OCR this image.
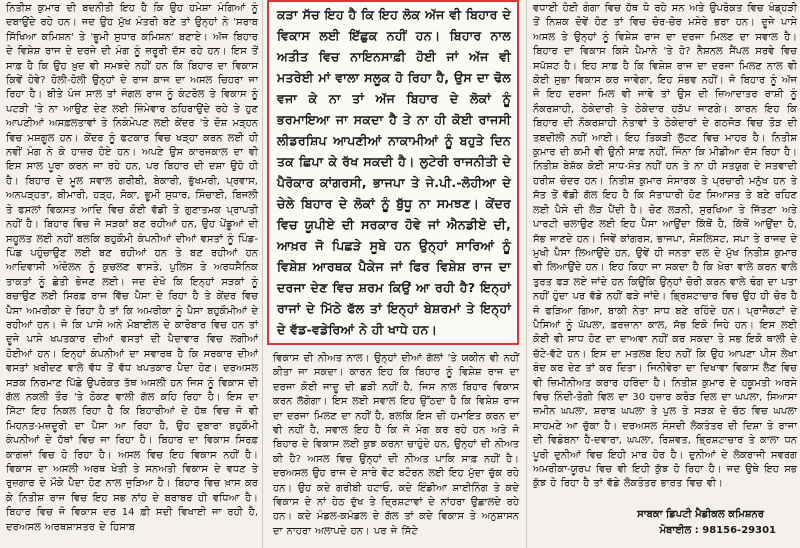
ਨਿਤੀਸ਼ ਕੁਮਾਰ ਦੀ ਬਦਨੀਤੀ ਇਹ ਹੈ ਕਿ ਉਹ ਹਮੇਸ਼ਾ ਮੰਗਿਆਂ ਨੂੰ ਦਬਾਉਂਦੇ ਰਹੇ ਹਨ। ਜਦ ਉਹ ਮੁੱਖ ਮੰਤਰੀ ਬਣੇ ਤਾਂ ਉਨ੍ਹਾਂ ਨੇ 'ਸਰਾਬ ਸਿੱਖਿਆ ਕਮਿਸ਼ਨ' ਤੇ 'ਭੂਮੀ ਸੁਧਾਰ ਕਮਿਸ਼ਨ' ਬਣਾਏ। ਅੱਜ ਬਿਹਾਰ ਦੇ ਵਿਸ਼ੇਸ਼ ਰਾਜ ਦੇ ਦਰਜੇ ਦੀ ਮੰਗ ਨੂੰ ਜ਼ਰੂਰੀ ਦੱਸ ਰਹੇ ਹਨ। ਇਸ ਤੋਂ ਸਾਫ਼ ਹੈ ਕਿ ਉਹ ਖ਼ੁਦ ਵੀ ਸਮਝਦੇ ਨਹੀਂ ਹਨ ਕਿ ਬਿਹਾਰ ਦਾ ਵਿਕਾਸ ਕਿਵੇਂ ਹੋਵੇ? ਹੋਲੀ-ਹੋਲੀ ਉਨ੍ਹਾਂ ਦੇ ਰਾਜ ਕਾਜ ਦਾ ਅਸਲ ਚਿਹਰਾ ਜਾ ਰਿਹਾ ਹੈ। ਬੀਤੇ ਪੰਜ ਸਾਲ ਤਾਂ ਜੰਗਲ ਰਾਜ ਨੂੰ ਕੰਟਰੋਲ ਤੇ ਵਿਕਾਸ ਨੂੰ ਪਟੜੀ 'ਤੇ ਨਾ ਆਉਣ ਦੇਣ ਲਈ ਜ਼ਿੰਮੇਵਾਰ ਠਹਿਰਾਉਂਦੇ ਰਹੇ ਤੇ ਹੁਣ ਆਪਣੀਆਂ ਅਸਫ਼ਲਤਾਵਾਂ ਤੇ ਨਿਕੰਮੇਪਣ ਲਈ ਕੇਂਦਰ 'ਤੇ ਦੋਸ਼ ਮੜ੍ਹਨ ਵਿਚ ਮਸ਼ਗੂਲ ਹਨ। ਕੇਂਦਰ ਨੂੰ ਫਟਕਾਰ ਵਿਚ ਖੜ੍ਹਾ ਕਰਨ ਲਈ ਹੀ ਨਵੀਂ ਮੰਗ ਨੇ ਕੇ ਹਾਜ਼ਰ ਹੋਏ ਹਨ। ਅਪਣੇ ਉਸ ਕਾਰਜਕਾਲ ਦਾ ਵੀ ਇਸ ਸਾਲ ਪੂਰਾ ਕਰਨ ਜਾ ਰਹੇ ਹਨ, ਪਰ ਬਿਹਾਰ ਦੀ ਦਸ਼ਾ ਉਹੋ ਹੀ ਹੈ। ਬਿਹਾਰ ਦੇ ਮੂਲ ਸਵਾਲ ਗਰੀਬੀ, ਬੇਕਾਰੀ, ਭੁੱਖਮਰੀ, ਪ੍ਰਵਾਸ, ਅਨਪੜ੍ਹਤਾ, ਬੀਮਾਰੀ, ਹੜ੍ਹ, ਸੋਕਾ, ਭੂਮੀ ਸੁਧਾਰ, ਸਿੰਚਾਈ, ਬਿਜਲੀ ਤੇ ਫਸਲਾਂ ਵਿਕਸਤ ਆਦਿ ਵਿਚ ਕੋਈ ਵੱਡੀ ਤੇ ਗੁਣਾਤਮਕ ਪ੍ਰਾਪਤੀ ਨਹੀਂ ਹੈ। ਬਿਹਾਰ ਵਿਚ ਜੋ ਸੜਕਾਂ ਬਣ ਰਹੀਆਂ ਹਨ, ਉਹ ਪੇਂਡੂਆਂ ਦੀ ਸਹੂਲਤ ਲਈ ਨਹੀਂ ਬਲਕਿ ਬਹੁਕੌਮੀ ਕੰਪਨੀਆਂ ਦੀਆਂ ਵਸਤਾਂ ਨੂੰ ਪਿੰਡ-ਪਿੰਡ ਪਹੁੰਚਾਉਣ ਲਈ ਬਣ ਰਹੀਆਂ ਹਨ ਤੇ ਬਣ ਰਹੀਆਂ ਹਨ ਆਦਿਵਾਸੀ ਅੰਦੋਲਨ ਨੂੰ ਕੁਚਲਣ ਵਾਸਤੇ, ਪੁਲਿਸ ਤੇ ਅਰਧਸੈਨਿਕ ਤਾਕਤਾਂ ਨੂੰ ਛੇਤੀ ਭੇਜਣ ਲਈ। ਜਦ ਦੇਖੋ ਕਿ ਇਨ੍ਹਾਂ ਸੜਕਾਂ ਨੂੰ ਬਚਾਉਣ ਲਈ ਸਿਰਫ਼ ਰਾਜ ਵਿੱਚ ਪੈਸਾ ਦੇ ਰਿਹਾ ਹੈ ਤੇ ਕੇਂਦਰ ਵਿਚ ਪੈਸਾ ਅਮਰੀਕਾ ਦੇ ਰਿਹਾ ਹੈ ਤਾਂ ਕਿ ਅਮਰੀਕਾ ਨੂੰ ਪੈਸਾ ਬਹੁਕੌਮੀਆਂ ਦੇ ਰਹੀਆਂ ਹਨ। ਜੋ ਕਿ ਪਾਸੇ ਅਨੇ ਮੋਬਾਈਲ ਦੇ ਕਾਰੋਬਾਰ ਵਿਚ ਹਨ ਤਾਂ ਦੂਜੇ ਪਾਸੇ ਖਪਤਕਾਰ ਦੀਆਂ ਵਸਤਾਂ ਦੀ ਪੈਦਾਵਾਰ ਵਿਚ ਲਗੀਆਂ ਹੋਈਆਂ ਹਨ। ਇਨ੍ਹਾਂ ਕੰਪਨੀਆਂ ਦਾ ਸਵਾਰਥ ਹੈ ਕਿ ਸਰਕਾਰ ਦੀਆਂ ਵਸਤਾਂ ਖ਼ਰੀਦਣ ਵਾਲੇ ਵੱਧ ਤੋਂ ਵੱਧ ਖਪਤਕਾਰ ਪੈਦਾ ਹੋਣ। ਦਰਅਸਲ ਸੜਕ ਨਿਰਮਾਣ ਪਿੱਛੇ ਉਪਰੋਕਤ ਤੱਥ ਅਸਲੀ ਹਨ ਜਿਸ ਨੂੰ ਵਿਕਾਸ ਦੀ ਗੱਲ ਨਕਲੀ ਤੌਰ 'ਤੇ ਠੋਕਣ ਵਾਲੀ ਗੱਲ ਕਹਿ ਰਿਹਾ ਹੈ। ਇਸ ਦਾ ਸਿੱਟਾ ਇਹ ਨਿਕਲ ਰਿਹਾ ਹੈ ਕਿ ਬਿਹਾਰੀਆਂ ਦੇ ਹੱਥ ਵਿਚ ਜੋ ਵੀ ਮਿਹਨਤ-ਮਜ਼ਦੂਰੀ ਦਾ ਪੈਸਾ ਆ ਰਿਹਾ ਹੈ, ਉਹ ਦੁਬਾਰਾ ਬਹੁਕੌਮੀ ਕੰਪਨੀਆਂ ਦੇ ਹੱਥਾਂ ਵਿਚ ਜਾ ਰਿਹਾ ਹੈ। ਬਿਹਾਰ ਦਾ ਵਿਕਾਸ ਸਿਰਫ਼ ਕਾਗਜ਼ਾਂ ਵਿਚ ਹੋ ਰਿਹਾ ਹੈ। ਅਸਲ ਵਿਚ ਇਹ ਵਿਕਾਸ ਨਹੀਂ ਹੈ। ਵਿਕਾਸ ਦਾ ਅਸਲੀ ਅਰਥ ਖੇਤੀ ਤੇ ਸਨਅਤੀ ਵਿਕਾਸ ਦੇ ਵਧਣ ਤੇ ਰੁਜ਼ਗਾਰ ਦੇ ਮੌਕੇ ਪੈਦਾ ਹੋਣ ਨਾਲ ਜੁੜਿਆ ਹੈ। ਬਿਹਾਰ ਵਿਚ ਖ਼ਾਸ ਕਰ ਕੇ ਨਿਤੀਸ਼ ਰਾਜ ਵਿਚ ਇਹ ਸਭ ਨਾਂਹ ਦੇ ਬਰਾਬਰ ਹੀ ਵਧਿਆ ਹੈ। ਬਿਹਾਰ ਵਿਚ ਜੋ ਵਿਕਾਸ ਦਰ 14 ਫ਼ੀ ਸਦੀ ਵਿਖਾਈ ਜਾ ਰਹੀ ਹੈ, ਦਰਅਸਲ ਅਰਥਸ਼ਾਸਤਰ ਦੇ ਹਿਸਾਬ

ਕੜਾ ਸੱਚ ਇਹ ਹੈ ਕਿ ਇਹ ਲੋਕ ਅੱਜ ਵੀ ਬਿਹਾਰ ਦੇ ਵਿਕਾਸ ਲਈ ਇੱਛੁਕ ਨਹੀਂ ਹਨ। ਬਿਹਾਰ ਨਾਲ ਅਤੀਤ ਵਿਚ ਨਾਇਨਸਾਫ਼ੀ ਹੋਈ ਜਾਂ ਅੱਜ ਵੀ ਮਤਰੇਈ ਮਾਂ ਵਾਲਾ ਸਲੂਕ ਹੋ ਰਿਹਾ ਹੈ, ਉਸ ਦਾ ਢੋਲ ਵਜਾ ਕੇ ਨਾ ਤਾਂ ਅੱਜ ਬਿਹਾਰ ਦੇ ਲੋਕਾਂ ਨੂੰ ਭਰਮਾਇਆ ਜਾ ਸਕਦਾ ਹੈ ਤੇ ਨਾ ਹੀ ਕੋਈ ਰਾਜਸੀ ਲੀਡਰਸ਼ਿਪ ਆਪਣੀਆਂ ਨਾਕਾਮੀਆਂ ਨੂੰ ਬਹੁਤੇ ਦਿਨ ਤਕ ਛਿਪਾ ਕੇ ਰੱਖ ਸਕਦੀ ਹੈ। ਲੁਟੇਰੀ ਰਾਜਨੀਤੀ ਦੇ ਪੈਰੋਕਾਰ ਕਾਂਗਰਸੀ, ਭਾਜਪਾ ਤੇ ਜੇ.ਪੀ.-ਲੋਹੀਆ ਦੇ ਚੇਲੇ ਬਿਹਾਰ ਦੇ ਲੋਕਾਂ ਨੂੰ ਬੁੱਧੂ ਨਾ ਸਮਝਣ। ਕੇਂਦਰ ਵਿਚ ਯੂਪੀਏ ਦੀ ਸਰਕਾਰ ਹੋਵੇ ਜਾਂ ਐਨਡੀਏ ਦੀ, ਆਖ਼ਰ ਜੋ ਪਿਛੜੇ ਸੂਬੇ ਹਨ ਉਨ੍ਹਾਂ ਸਾਰਿਆਂ ਨੂੰ ਵਿਸ਼ੇਸ਼ ਆਰਥਕ ਪੈਕੇਜ ਜਾਂ ਫਿਰ ਵਿਸ਼ੇਸ਼ ਰਾਜ ਦਾ ਦਰਜਾ ਦੇਣ ਵਿਚ ਸ਼ਰਮ ਕਿਉਂ ਆ ਰਹੀ ਹੈ? ਇਨ੍ਹਾਂ ਰਾਜਾਂ ਦੇ ਮਿੱਠੇ ਫੱਲ ਤਾਂ ਇਨ੍ਹਾਂ ਬੇਸ਼ਰਮਾਂ ਤੇ ਇਨ੍ਹਾਂ ਦੇ ਵੱਡ-ਵਡੇਰਿਆਂ ਨੇ ਹੀ ਖਾਧੇ ਹਨ।

ਵਿਕਾਸ ਦੀ ਨੀਅਤ ਨਾਲ। ਉਨ੍ਹਾਂ ਦੀਆਂ ਗੱਲਾਂ 'ਤੇ ਯਕੀਨ ਵੀ ਨਹੀਂ ਕੀਤਾ ਜਾ ਸਕਦਾ। ਕਾਰਨ ਇਹ ਕਿ ਬਿਹਾਰ ਨੂੰ ਵਿਸ਼ੇਸ਼ ਰਾਜ ਦਾ ਦਰਜਾ ਕੋਈ ਜਾਦੂ ਦੀ ਛੜੀ ਨਹੀਂ ਹੈ, ਜਿਸ ਨਾਲ ਬਿਹਾਰ ਵਿਕਾਸ ਕਰਨ ਲੱਗੇਗਾ। ਇਸ ਲਈ ਸਵਾਲ ਇਹ ਉੱਠਦਾ ਹੈ ਕਿ ਵਿਸ਼ੇਸ਼ ਰਾਜ ਦਾ ਦਰਜਾ ਮਿਲਣ ਦਾ ਨਹੀਂ ਹੈ, ਬਲਕਿ ਇਸ ਦੀ ਹਮਾਇਤ ਕਰਨ ਦਾ ਵੀ ਨਹੀਂ ਹੈ, ਸਵਾਲ ਇਹ ਹੈ ਕਿ ਜੋ ਮੰਗ ਕਰ ਰਹੇ ਹਨ ਅਤੇ ਜੋ ਬਿਹਾਰ ਦੇ ਵਿਕਾਸ ਲਈ ਕੁਝ ਕਰਨਾ ਚਾਹੁੰਦੇ ਹਨ, ਉਨ੍ਹਾਂ ਦੀ ਨੀਅਤ ਕੀ ਹੈ? ਅਸਲ ਵਿਚ ਉਨ੍ਹਾਂ ਦੀ ਨੀਅਤ ਪਾਕਿ ਸਾਫ਼ ਨਹੀਂ ਹੈ। ਦਰਅਸਲ ਉਹ ਰਾਜ ਦੇ ਸਾਰੇ ਵੋਟ ਬਟੋਰਨ ਲਈ ਇਹ ਮੁੱਦਾ ਚੁੱਕ ਰਹੇ ਹਨ। ਉਹ ਕਦੇ ਗਰੀਬੀ ਹਟਾਓ, ਕਦੇ ਇੰਡੀਆ ਸ਼ਾਈਨਿੰਗ ਤੇ ਕਦੇ ਵਿਕਾਸ ਦੇ ਨਾਂ ਹੇਠ ਦੁੱਖ ਤੇ ਦ੍ਰਿਸ਼ਟਾਵਾਂ ਦੇ ਨਾਂਹਰਾ ਉਛਾਲਦੇ ਰਹੇ ਹਨ। ਕਦੇ ਮੰਡਲ-ਕਮੰਡਲ ਦੇ ਗੱਲ ਤਾਂ ਕਦੇ ਵਿਕਾਸ ਤੇ ਅਨੁਸ਼ਾਸਨ ਦਾ ਨਾਹਰਾ ਅਲਾਪਦੇ ਹਨ। ਪਰ ਜੇ ਸਿੱਟੇ

ਵਧਾਈ ਹੋਈ ਗੰਗਾ ਵਿਚ ਹੱਥ ਧੋ ਰਹੇ ਸਨ ਅਤੇ ਉਪਰੋਕਤ ਵਿਚ ਖੰਡ੍ਹੜੀ ਤੋਂ ਨਿਸ਼ਕ ਦੋਵੇਂ ਹੋਣ ਤਾਂ ਵਿਚ ਚੋਰ-ਚੋਰ ਮਸੇਰੇ ਭਰਾ ਹਨ। ਦੂਜੇ ਪਾਸੇ ਅਸਲ ਤੇ ਉਨ੍ਹਾਂ ਨੂੰ ਵਿਸ਼ੇਸ਼ ਰਾਜ ਦਾ ਦਰਜਾ ਮਿਲਣ ਦਾ ਸਵਾਲ ਹੈ। ਬਿਹਾਰ ਦਾ ਵਿਕਾਸ ਕਿਸੇ ਪੈਮਾਨੇ 'ਤੇ ਹੋ? ਨੈਸ਼ਨਲ ਸੈਂਪਲ ਸਰਵੇ ਵਿਚ ਸਪੱਸ਼ਟ ਹੈ। ਇਹ ਸਾਫ਼ ਹੈ ਕਿ ਵਿਸ਼ੇਸ਼ ਰਾਜ ਦਾ ਦਰਜਾ ਮਿਲਣ ਨਾਲ ਵੀ ਕੋਈ ਸੁਭਾ ਵਿਕਾਸ ਕਰ ਜਾਵੇਗਾ, ਇਹ ਸੰਭਵ ਨਹੀਂ। ਜੋ ਬਿਹਾਰ ਨੂੰ ਅੱਜ ਜੋ ਇਹ ਦਰਜਾ ਮਿਲ ਵੀ ਜਾਵੇ ਤਾਂ ਉਸ ਦੀ ਜ਼ਿਆਦਾਤਰ ਰਾਸ਼ੀ ਨੂੰ ਨੌਕਰਸ਼ਾਹੀ, ਠੇਕੇਦਾਰੀ ਤੇ ਠੇਕੇਦਾਰ ਹੜੱਪ ਜਾਣਗੇ। ਕਾਰਨ ਇਹ ਕਿ ਬਿਹਾਰ ਦੀ ਨੌਕਰਸ਼ਾਹੀ ਨੇਤਾਵਾਂ ਤੇ ਠੇਕੇਦਾਰਾਂ ਦੇ ਗਠਜੋੜ ਵਿਚ ਤੋੜ ਦੀ ਤਬਦੀਲੀ ਨਹੀਂ ਆਈ। ਇਹ ਤਿਕੜੀ ਲੁੱਟਣ ਵਿਚ ਮਾਹਰ ਹੈ। ਨਿਤੀਸ਼ ਕੁਮਾਰ ਦੀ ਕਮੀ ਵੀ ਉਨੀ ਸਾਫ਼ ਨਹੀਂ, ਜਿੰਨਾ ਕਿ ਮੀਡੀਆ ਦੱਸ ਰਿਹਾ ਹੈ। ਨਿਤੀਸ਼ ਬੇਸ਼ੱਕ ਕੋਈ ਸਾਧ-ਸੰਤ ਨਹੀਂ ਹਨ ਤੇ ਨਾ ਹੀ ਸਤਯੁਗ ਦੇ ਸਤਵਾਦੀ ਹਰੀਸ਼ ਚੰਦਰ ਹਨ। ਨਿਤੀਸ਼ ਕੁਮਾਰ ਸੰਸਾਰਕ ਤੇ ਪ੍ਰਚਾਰੀ ਮਨੁੱਖ ਹਨ ਤੇ ਸੱਤ ਤੋਂ ਵੱਡੀ ਗੱਲ ਇਹ ਹੈ ਕਿ ਸੱਤਾਧਾਰੀ ਹੋਣ ਸਿਆਸਤ ਤੇ ਬਣੇ ਰਹਿਣ ਲਈ ਪੈਸੇ ਦੀ ਲੋੜ ਪੈਂਦੀ ਹੈ। ਚੋਣ ਲੜਨੀ, ਸੁਰਖਿਆ ਤੇ ਜਿੱਤਣਾ ਅਤੇ ਪਾਰਟੀ ਚਲਾਉਣ ਲਈ ਇਹ ਪੈਸਾ ਆਉਂਦਾ ਕਿੱਥੋਂ ਹੈ, ਕਿੱਥੋਂ ਆਉਂਦਾ ਹੈ, ਸੱਭ ਜਾਣਦੇ ਹਨ। ਜਿਵੇਂ ਕਾਂਗਰਸ, ਭਾਜਪਾ, ਸੋਸ਼ਲਿਸਟ, ਸਪਾ ਤੇ ਰਾਜਦ ਦੇ ਮੁਖੀ ਪੈਸਾ ਲਿਆਉਂਦੇ ਹਨ, ਉਵੇਂ ਹੀ ਜਨਤਾ ਦਲ ਦੇ ਮੁੱਖ ਨਿਤੀਸ਼ ਕੁਮਾਰ ਵੀ ਲਿਆਉਂਦੇ ਹਨ। ਇਹ ਕਿਹਾ ਜਾ ਸਕਦਾ ਹੈ ਕਿ ਖ਼ੇਰਾ ਵਾਲੇ ਕਰਨ ਵਾਲੇ ਤੁਰਤ ਫੜ ਲਏ ਜਾਂਦੇ ਹਨ ਕਿਉਂਕਿ ਉਨ੍ਹਾਂ ਚੋਰੀ ਕਰਨ ਵਾਲੇ ਢੰਗ ਦਾ ਪਤਾ ਨਹੀਂ ਹੁੰਦਾ ਪਰ ਵੱਡੇ ਨਹੀਂ ਫੜੇ ਜਾਂਦੇ। ਭ੍ਰਿਸ਼ਟਾਚਾਰ ਵਿਚ ਉਹ ਹੀ ਚੋਰ ਹੈ ਜੋ ਫੜਿਆ ਗਿਆ, ਬਾਕੀ ਨੇਤਾ ਸਾਧ ਬਣੇ ਰਹਿੰਦੇ ਹਨ। ਪ੍ਰਾਜੈਕਟਾਂ ਦੇ ਪੈਸਿਆਂ ਨੂੰ ਘੱਪਲਾ, ਫ਼ਰਜ਼ਾਨਾ ਕਾਲ, ਸੱਭ ਇਕੋ ਜਿਹੇ ਹਨ। ਇਸ ਲਈ ਕੋਈ ਵੀ ਸਾਧ ਹੋਣ ਦਾ ਦਾਅਵਾ ਨਹੀਂ ਕਰ ਸਕਦਾ ਤੇ ਸਭ ਇਕੋ ਥਾਲੀ ਦੇ ਚੱਟੇ-ਵੱਟੇ ਹਨ। ਇਸ ਦਾ ਮਤਲਬ ਇਹ ਨਹੀਂ ਕਿ ਉਹ ਆਪਣਾ ਪੀਸ ਲੇਖਾ ਬੰਦ ਕਰ ਦੇਣ ਤਾਂ ਕਰ ਦਿਤਾ। ਜਿਨੀਵੇਰਾ ਦਾ ਦਿਖਾਵਾ ਵਿਕਾਸ ਲੈਣ ਵਿਚ ਵੀ ਜ਼ਿਮੀਨੀਅਤ ਕਰਾਰ ਹਰਿੰਦਾ ਹੈ। ਨਿਤੀਸ਼ ਕੁਮਾਰ ਦੇ ਹਕੂਮਤੀ ਅਰਸੇ ਵਿਚ ਨਿੰਦੀ-ਤੋਗੀ ਵਿਲ ਦਾ 30 ਹਜ਼ਾਰ ਕਰੋੜ ਦਿਲ ਦਾ ਘਪਲਾ, ਸਿਆਸਾ ਜ਼ਮੀਨ ਘਪਲਾ, ਸ਼ਰਾਬ ਘਪਲਾ ਤੇ ਪੁਲ ਤੇ ਸੜਕ ਦੇ ਚੱਠ ਵਿਚ ਘਪਲਾ ਸਾਹਮਣੇ ਆ ਚੁੱਕਾ ਹੈ। ਦਰਅਸਲ ਸੰਸਦੀ ਲੋਕਤੰਤਰ ਦੀ ਦਿਸ਼ਾ ਤੇ ਰਾਜਾ ਦੀ ਵਿਡੰਬਨਾ ਹੈ-ਦਵਾਰਾ, ਘਪਲਾ, ਰਿਸ਼ਵਤ, ਭ੍ਰਿਸ਼ਟਾਚਾਰ ਤੇ ਕਾਲਾ ਧਨ ਪੂਰੀ ਦੁਨੀਆਂ ਵਿਚ ਇਹੀ ਮਾਰ ਹੋਰ ਹੈ। ਦੁਨੀਆਂ ਦੇ ਲੋਕਰਾਜੀ ਸਵਰਗ ਅਮਰੀਕਾ-ਯੂਰਪ ਵਿਚ ਵੀ ਇਹੀ ਕੁੱਝ ਹੋ ਰਿਹਾ ਹੈ। ਜਦ ਉਥੇ ਇਹ ਸਭ ਕੁੱਝ ਹੋ ਰਿਹਾ ਹੈ ਤਾਂ ਵੱਡੇ ਲੋਕਤੰਤਰ ਭਾਰਤ ਵਿਚ ਵੀ।

ਸਾਬਕਾ ਡਿਪਟੀ ਮੈਡੀਕਲ ਕਮਿਸ਼ਨਰ
ਮੋਬਾਈਲ : 98156-29301
